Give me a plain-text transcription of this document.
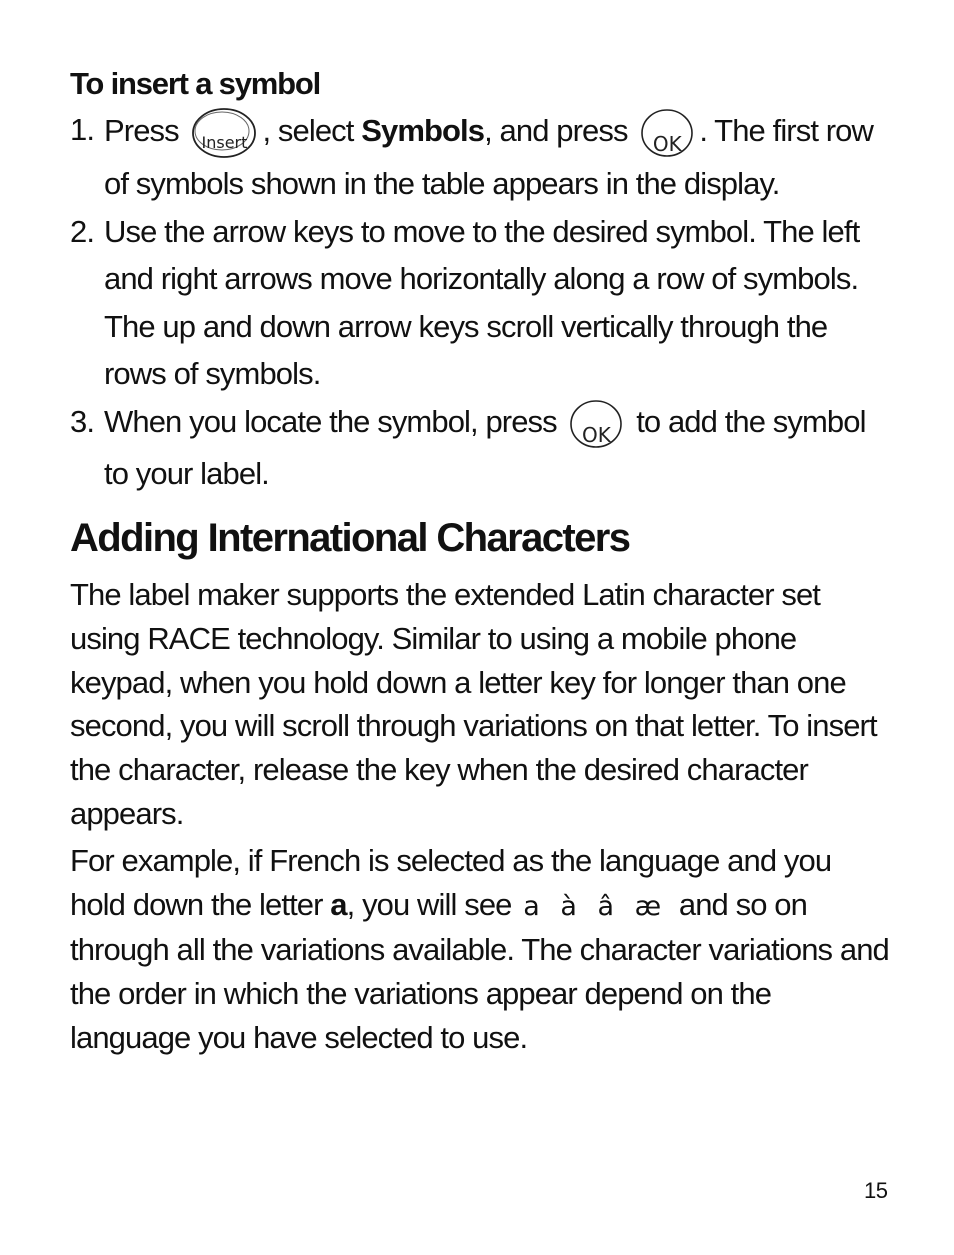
To insert a symbol
1. Press	Insert , select Symbols, and press	OK . The first row of symbols shown in the table appears in the display.
2. Use the arrow keys to move to the desired symbol. The left and right arrows move horizontally along a row of symbols. The up and down arrow keys scroll vertically through the rows of symbols.
3. When you locate the symbol, press	OK to add the symbol to your label.
Adding International Characters

The label maker supports the extended Latin character set using RACE technology. Similar to using a mobile phone keypad, when you hold down a letter key for longer than one second, you will scroll through variations on that letter. To insert the character, release the key when the desired character appears.

For example, if French is selected as the language and you hold down the letter a, you will see a à â æ and so on through all the variations available. The character variations and the order in which the variations appear depend on the language you have selected to use.

15
